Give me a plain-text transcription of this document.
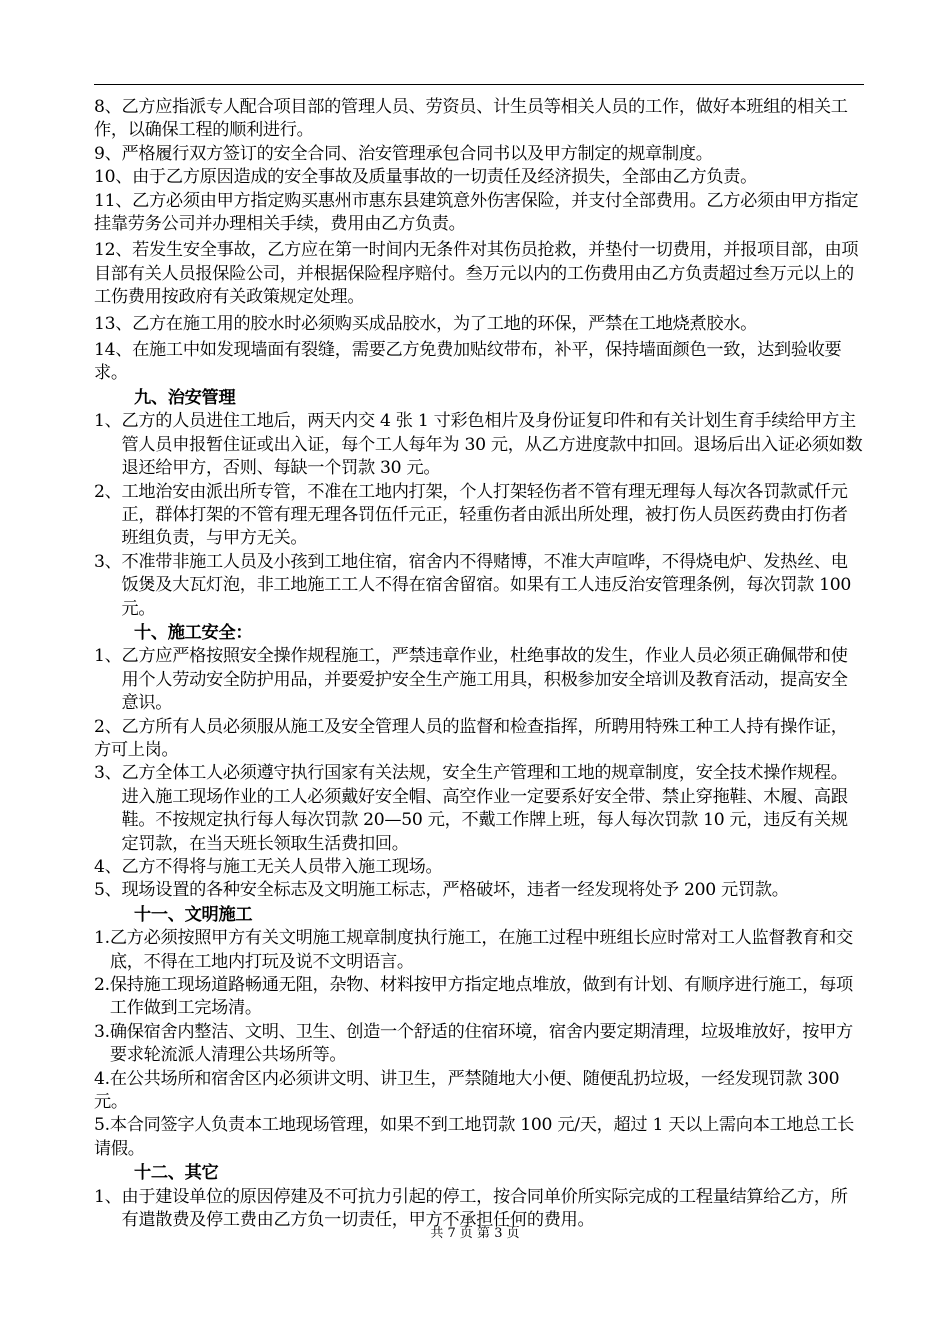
8、乙方应指派专人配合项目部的管理人员、劳资员、计生员等相关人员的工作，做好本班组的相关工作，以确保工程的顺利进行。

9、严格履行双方签订的安全合同、治安管理承包合同书以及甲方制定的规章制度。

10、由于乙方原因造成的安全事故及质量事故的一切责任及经济损失，全部由乙方负责。

11、乙方必须由甲方指定购买惠州市惠东县建筑意外伤害保险，并支付全部费用。乙方必须由甲方指定挂靠劳务公司并办理相关手续，费用由乙方负责。

12、若发生安全事故，乙方应在第一时间内无条件对其伤员抢救，并垫付一切费用，并报项目部，由项目部有关人员报保险公司，并根据保险程序赔付。叁万元以内的工伤费用由乙方负责超过叁万元以上的工伤费用按政府有关政策规定处理。

13、乙方在施工用的胶水时必须购买成品胶水，为了工地的环保，严禁在工地烧煮胶水。

14、在施工中如发现墙面有裂缝，需要乙方免费加贴纹带布，补平，保持墙面颜色一致，达到验收要求。

九、治安管理

1、 乙方的人员进住工地后，两天内交 4 张 1 寸彩色相片及身份证复印件和有关计划生育手续给甲方主管人员申报暂住证或出入证，每个工人每年为 30 元，从乙方进度款中扣回。退场后出入证必须如数退还给甲方，否则、每缺一个罚款 30 元。
2、 工地治安由派出所专管，不准在工地内打架，个人打架轻伤者不管有理无理每人每次各罚款贰仟元正，群体打架的不管有理无理各罚伍仟元正，轻重伤者由派出所处理，被打伤人员医药费由打伤者班组负责，与甲方无关。
3、 不准带非施工人员及小孩到工地住宿，宿舍内不得赌博，不准大声喧哗，不得烧电炉、发热丝、电饭煲及大瓦灯泡，非工地施工工人不得在宿舍留宿。如果有工人违反治安管理条例，每次罚款 100 元。

十、施工安全：

1、 乙方应严格按照安全操作规程施工，严禁违章作业，杜绝事故的发生，作业人员必须正确佩带和使用个人劳动安全防护用品，并要爱护安全生产施工用具，积极参加安全培训及教育活动，提高安全意识。

2、乙方所有人员必须服从施工及安全管理人员的监督和检查指挥，所聘用特殊工种工人持有操作证，方可上岗。

3、 乙方全体工人必须遵守执行国家有关法规，安全生产管理和工地的规章制度，安全技术操作规程。进入施工现场作业的工人必须戴好安全帽、高空作业一定要系好安全带、禁止穿拖鞋、木履、高跟鞋。不按规定执行每人每次罚款 20—50 元，不戴工作牌上班，每人每次罚款 10 元，违反有关规定罚款，在当天班长领取生活费扣回。
4、 乙方不得将与施工无关人员带入施工现场。
5、 现场设置的各种安全标志及文明施工标志，严格破坏，违者一经发现将处予 200 元罚款。

十一、文明施工

1. 乙方必须按照甲方有关文明施工规章制度执行施工，在施工过程中班组长应时常对工人监督教育和交底，不得在工地内打玩及说不文明语言。
2. 保持施工现场道路畅通无阻，杂物、材料按甲方指定地点堆放，做到有计划、有顺序进行施工，每项工作做到工完场清。
3. 确保宿舍内整洁、文明、卫生、创造一个舒适的住宿环境，宿舍内要定期清理，垃圾堆放好，按甲方要求轮流派人清理公共场所等。

4.在公共场所和宿舍区内必须讲文明、讲卫生，严禁随地大小便、随便乱扔垃圾，一经发现罚款 300 元。

5.本合同签字人负责本工地现场管理，如果不到工地罚款 100 元/天，超过 1 天以上需向本工地总工长请假。

十二、其它

1、 由于建设单位的原因停建及不可抗力引起的停工，按合同单价所实际完成的工程量结算给乙方，所有遣散费及停工费由乙方负一切责任，甲方不承担任何的费用。
共 7 页 第 3 页
